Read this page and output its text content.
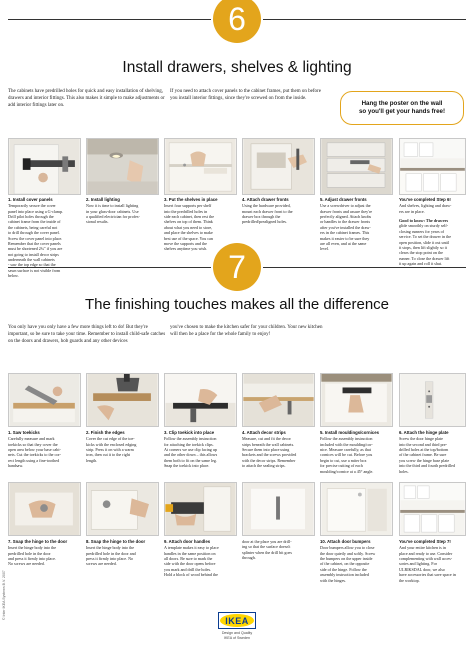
6
Install drawers, shelves & lighting
The cabinets have predrilled holes for quick and easy installation of shelving, drawers and interior fittings. This also makes it simple to make adjustments or add interior fittings later on.
If you need to attach cover panels to the cabinet frames, put them on before you install interior fittings, since they're screwed on from the inside.
Hang the poster on the wall
so you'll get your hands free!
1. Install cover panels
Temporarily secure the cover
panel into place using a G-clamp.
Drill pilot holes through the
cabinet frame from the inside of
the cabinets, being careful not
to drill through the cover panel.
Screw the cover panel into place.
Remember that the cover panels
must be shortened 2¾" if you are
not going to install decor strips
underneath the wall cabinets
- saw the top edge so that the
sawn surface is not visible from
below.
2. Install lighting
Now it is time to install lighting
in your glass-door cabinets. Use
a qualified electrician for profes-
sional results.
3. Put the shelves in place
Insert four supports per shelf
into the predrilled holes in
side each cabinet, then rest the
shelves on top of them. Think
about what you need to store,
and place the shelves to make
best use of the space. You can
move the supports and the
shelves anytime you wish.
4. Attach drawer fronts
Using the hardware provided,
mount each drawer front to the
drawer box through the
predrilled/prealigned holes.
5. Adjust drawer fronts
Use a screwdriver to adjust the
drawer fronts and assure they're
perfectly aligned. Attach knobs
or handles to the drawer fronts
after you've installed the draw-
ers in the cabinet frames. This
makes it easier to be sure they
are all even, and at the same
level.
You've completed Step 6!
And shelves, lighting and draw-
ers are in place.
Good to know: The drawers
glide smoothly on sturdy self-
closing runners for years of
service. To set the drawer in the
open position, slide it out until
it stops, then lift slightly so it
clears the stop point on the
runner. To close the drawer lift
it up again and roll it shut.
7
The finishing touches makes all the difference
You only have you only have a few more things left to do! But they're important, so be sure to take your time. Remember to install child-safe catches on the doors and drawers, hob guards and any other devices
you've chosen to make the kitchen safer for your children. Your new kitchen will then be a place for the whole family to enjoy!
1. Saw toekicks
Carefully measure and mark
toekicks so that they cover the
open area below your base cabi-
nets. Cut the toekicks to the cor-
rect length using a fine-toothed
handsaw.
2. Finish the edges
Cover the cut edge of the toe-
kicks with the enclosed edging
strip. Press it on with a warm
iron, then cut it to the right
length.
3. Clip toekick into place
Follow the assembly instruction
for attaching the toekick clips.
At corners we use clip facing up
and the other down – this allows
them both to fit on the same leg.
Snap the toekick into place.
4. Attach decor strips
Measure, cut and fit the decor
strips beneath the wall cabinets.
Secure them into place using
brackets and the screws provided
with the decor strips. Remember
to attach the sealing strips.
5. Install mouldings/cornices
Follow the assembly instruction
included with the moulding/cor-
nice. Measure carefully, as that
cornices will be cut. Before you
begin to cut, use a miter box
for precise cutting of each
moulding/cornice at a 45° angle.
6. Attach the hinge plate
Screw the door hinge plate
into the second and third pre-
drilled holes at the top/bottom
of the cabinet frame. Be sure
you screw the hinge base plate
into the third and fourth predrilled
holes.
7. Snap the hinge to the door
Insert the hinge body into the
predrilled hole in the door
and press it firmly into place.
No screws are needed.
8. Snap the hinge to the door
Insert the hinge body into the
predrilled hole in the door and
press it firmly into place. No
screws are needed.
9. Attach door handles
A template makes it easy to place
handles in the same position on
all doors. Be sure to mark the
side with the door opens before
you mark and drill the holes.
Hold a block of wood behind the
door at the place you are drill-
ing so that the surface doesn't
splinter when the drill bit goes
through.
10. Attach door bumpers
Door bumpers allow you to close
the door quietly and softly. Screw
the bumpers on the upper inside
of the cabinet, on the opposite
side of the hinge. Follow the
assembly instruction included
with the hinges.
You've completed Step 7!
And your entire kitchen is in
place and ready to use. Consider
complementing with wall acces-
sories and lighting. For
ULRIKSDAL door, we also
have accessories that save space in
the worktop.
© Inter IKEA Systems B.V. 2007
IKEA
Design and Quality
IKEA of Sweden
